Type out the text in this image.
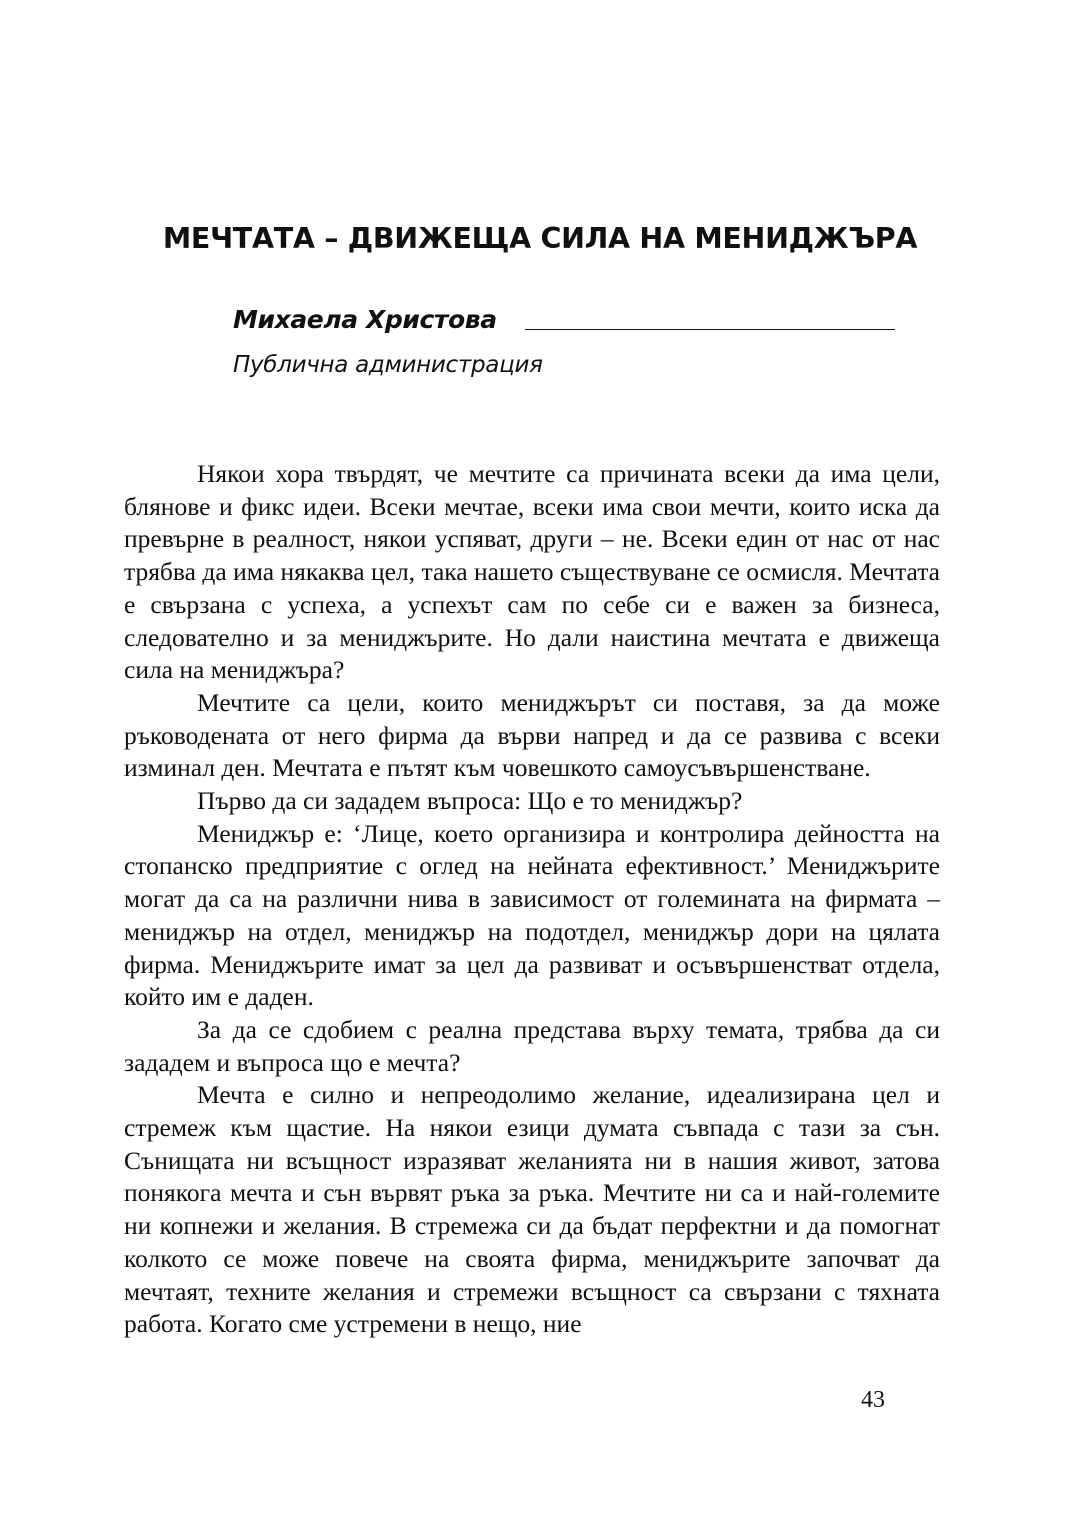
МЕЧТАТА – ДВИЖЕЩА СИЛА НА МЕНИДЖЪРА
Михаела Христова
Публична администрация

Някои хора твърдят, че мечтите са причината всеки да има цели, блянове и фикс идеи. Всеки мечтае, всеки има свои мечти, които иска да превърне в реалност, някои успяват, други – не. Всеки един от нас от нас трябва да има някаква цел, така нашето съществуване се осмисля. Мечтата е свързана с успеха, а успехът сам по себе си е важен за бизнеса, следователно и за мениджърите. Но дали наистина мечтата е движеща сила на мениджъра?

Мечтите са цели, които мениджърът си поставя, за да може ръководената от него фирма да върви напред и да се развива с всеки изминал ден. Мечтата е пътят към човешкото самоусъвършенстване.

Първо да си зададем въпроса: Що е то мениджър?

Мениджър е: ‘Лице, което организира и контролира дейността на стопанско предприятие с оглед на нейната ефективност.’ Мениджърите могат да са на различни нива в зависимост от големината на фирмата – мениджър на отдел, мениджър на подотдел, мениджър дори на цялата фирма. Мениджърите имат за цел да развиват и осъвършенстват отдела, който им е даден.

За да се сдобием с реална представа върху темата, трябва да си зададем и въпроса що е мечта?

Мечта е силно и непреодолимо желание, идеализирана цел и стремеж към щастие. На някои езици думата съвпада с тази за сън. Сънищата ни всъщност изразяват желанията ни в нашия живот, затова понякога мечта и сън вървят ръка за ръка. Мечтите ни са и най-големите ни копнежи и желания. В стремежа си да бъдат перфектни и да помогнат колкото се може повече на своята фирма, мениджърите започват да мечтаят, техните желания и стремежи всъщност са свързани с тяхната работа. Когато сме устремени в нещо, ние

43
